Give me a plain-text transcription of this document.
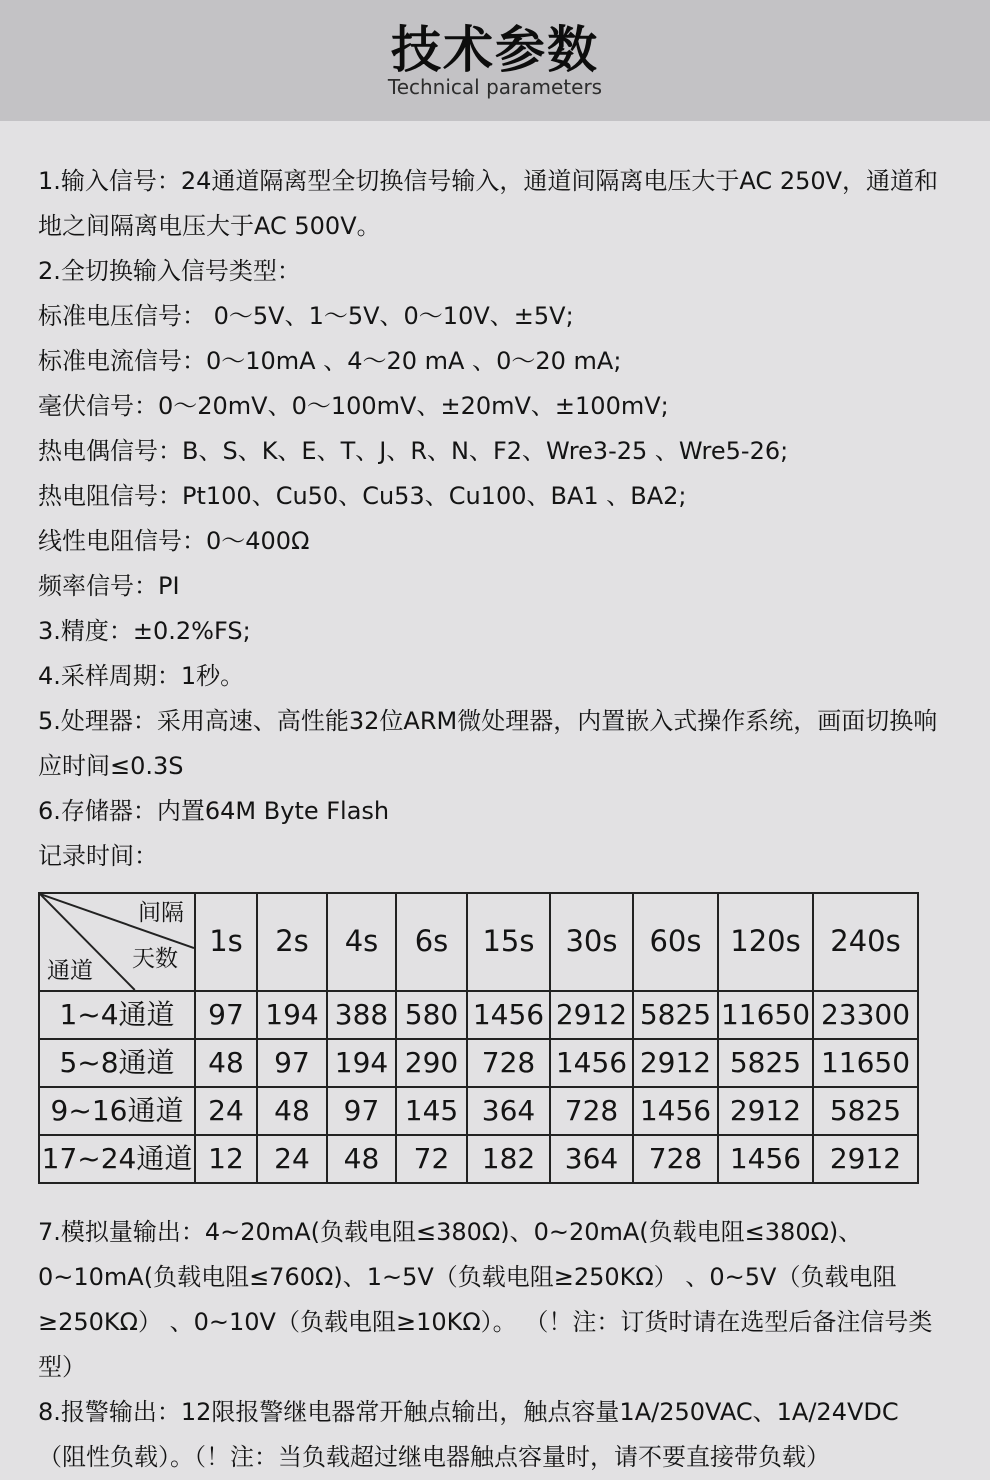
技术参数
Technical parameters

1.输入信号：24通道隔离型全切换信号输入，通道间隔离电压大于AC 250V，通道和地之间隔离电压大于AC 500V。

2.全切换输入信号类型：

标准电压信号： 0～5V、1～5V、0～10V、±5V;

标准电流信号：0～10mA 、4～20 mA 、0～20 mA;

毫伏信号：0～20mV、0～100mV、±20mV、±100mV;

热电偶信号：B、S、K、E、T、J、R、N、F2、Wre3-25 、Wre5-26;

热电阻信号：Pt100、Cu50、Cu53、Cu100、BA1 、BA2;

线性电阻信号：0～400Ω

频率信号：PI

3.精度：±0.2%FS;

4.采样周期：1秒。

5.处理器：采用高速、高性能32位ARM微处理器，内置嵌入式操作系统，画面切换响应时间≤0.3S

6.存储器：内置64M Byte Flash

记录时间：

间隔
天数
通道	1s	2s	4s	6s	15s	30s	60s	120s	240s
1~4通道	97	194	388	580	1456	2912	5825	11650	23300
5~8通道	48	97	194	290	728	1456	2912	5825	11650
9~16通道	24	48	97	145	364	728	1456	2912	5825
17~24通道	12	24	48	72	182	364	728	1456	2912

7.模拟量输出：4~20mA(负载电阻≤380Ω)、0~20mA(负载电阻≤380Ω)、0~10mA(负载电阻≤760Ω)、1~5V（负载电阻≥250KΩ） 、0~5V（负载电阻≥250KΩ） 、0~10V（负载电阻≥10KΩ）。 （！注：订货时请在选型后备注信号类型）

8.报警输出：12限报警继电器常开触点输出，触点容量1A/250VAC、1A/24VDC （阻性负载）。（！注：当负载超过继电器触点容量时，请不要直接带负载）
